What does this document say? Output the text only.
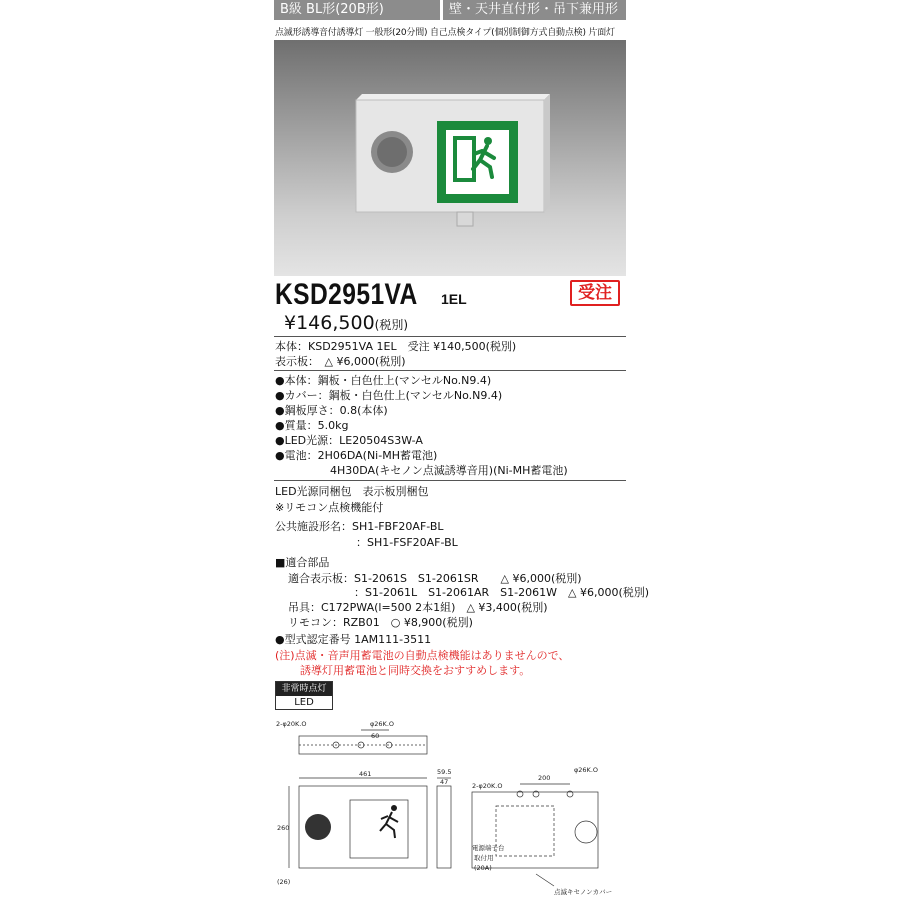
B級 BL形(20B形)	壁・天井直付形・吊下兼用形
点滅形誘導音付誘導灯 一般形(20分間) 自己点検タイプ(個別制御方式自動点検) 片面灯
KSD2951VA 1EL	受注
¥146,500(税別)
本体：KSD2951VA 1EL　受注 ¥140,500(税別)
表示板：　△ ¥6,000(税別)
●本体：鋼板・白色仕上(マンセルNo.N9.4)
●カバー：鋼板・白色仕上(マンセルNo.N9.4)
●鋼板厚さ：0.8(本体)
●質量：5.0kg
●LED光源：LE20504S3W-A
●電池：2H06DA(Ni-MH蓄電池)
　　　　　4H30DA(キセノン点滅誘導音用)(Ni-MH蓄電池)
LED光源同梱包　表示板別梱包
※リモコン点検機能付
公共施設形名：SH1-FBF20AF-BL
：SH1-FSF20AF-BL
■適合部品
適合表示板：S1-2061S　S1-2061SR　　△ ¥6,000(税別)
：S1-2061L　S1-2061AR　S1-2061W　△ ¥6,000(税別)
吊具：C172PWA(l=500 2本1組)　△ ¥3,400(税別)
リモコン：RZB01　○ ¥8,900(税別)
●型式認定番号 1AM111-3511
(注)点滅・音声用蓄電池の自動点検機能はありませんので、
誘導灯用蓄電池と同時交換をおすすめします。
非常時点灯
LED
2-φ20K.O	φ26K.O
60
461
260
(26)
59.5
47	200
φ26K.O
2-φ20K.O
電源端子台
取付用
(20A)
点滅キセノンカバー
